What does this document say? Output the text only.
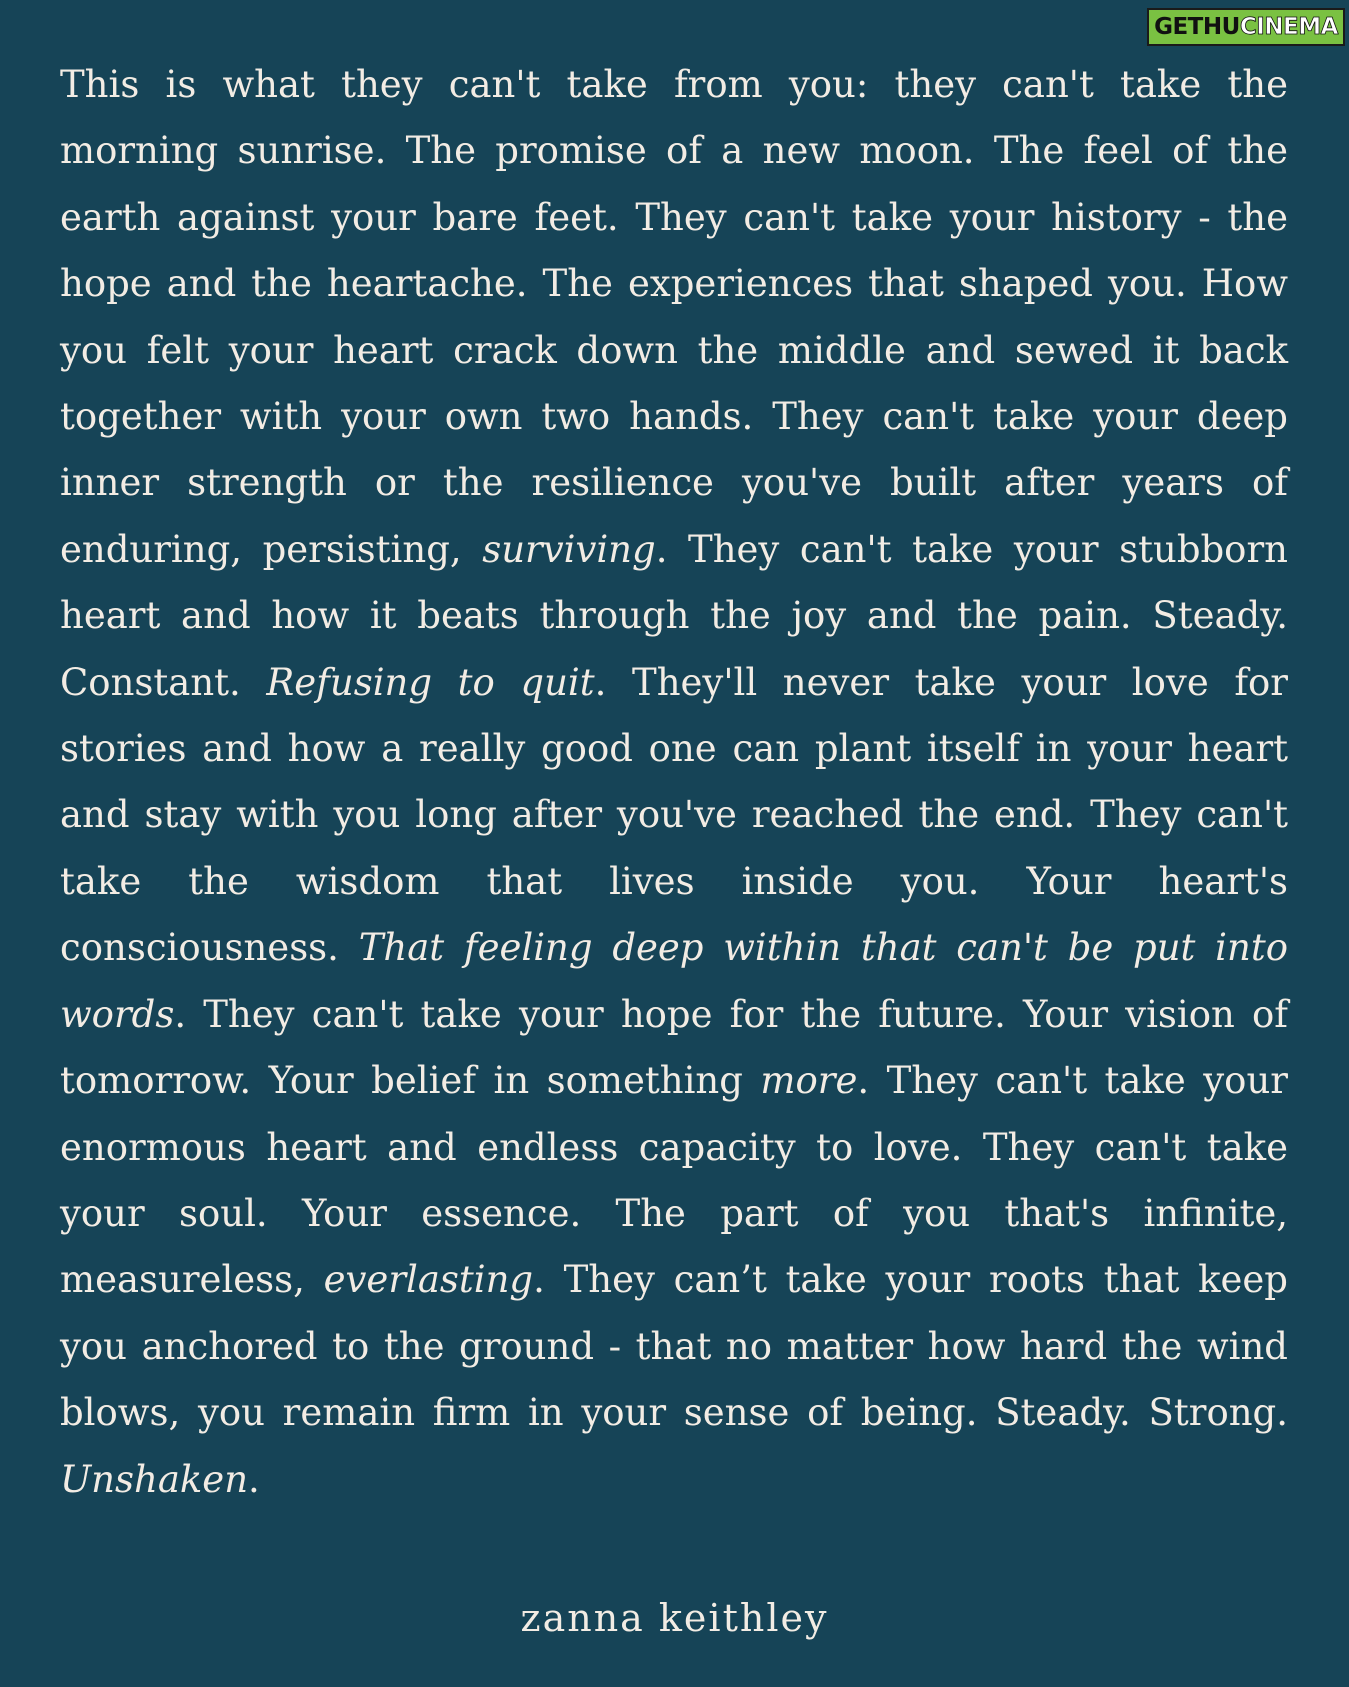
GETHU CINEMA

This is what they can't take from you: they can't take the morning sunrise. The promise of a new moon. The feel of the earth against your bare feet. They can't take your history - the hope and the heartache. The experiences that shaped you. How you felt your heart crack down the middle and sewed it back together with your own two hands. They can't take your deep inner strength or the resilience you've built after years of enduring, persisting, surviving. They can't take your stubborn heart and how it beats through the joy and the pain. Steady. Constant. Refusing to quit. They'll never take your love for stories and how a really good one can plant itself in your heart and stay with you long after you've reached the end. They can't take the wisdom that lives inside you. Your heart's consciousness. That feeling deep within that can't be put into words. They can't take your hope for the future. Your vision of tomorrow. Your belief in something more. They can't take your enormous heart and endless capacity to love. They can't take your soul. Your essence. The part of you that's infinite, measureless, everlasting. They can’t take your roots that keep you anchored to the ground - that no matter how hard the wind blows, you remain firm in your sense of being. Steady. Strong. Unshaken.

zanna keithley
